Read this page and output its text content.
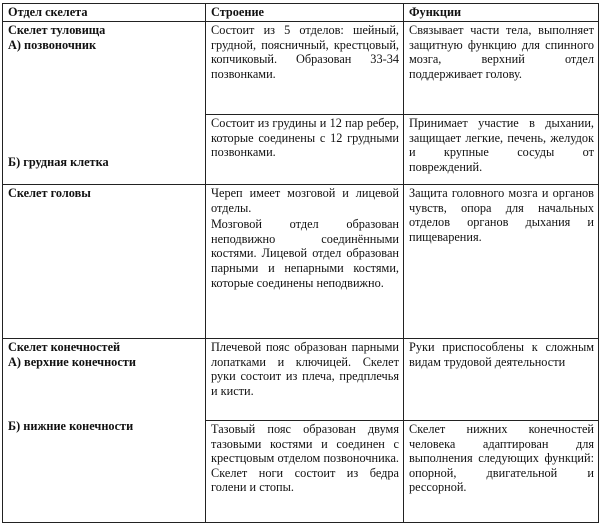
Отдел скелета	Строение	Функции

Скелет туловища
А) позвоночник
Б) грудная клетка	Состоит из 5 отделов: шейный, грудной, поясничный, крестцовый, копчиковый. Образован 33-34 позвонками.	Связывает части тела, выполняет защитную функцию для спинного мозга, верхний отдел поддерживает голову.
	Состоит из грудины и 12 пар ребер, которые соединены с 12 грудными позвонками.	Принимает участие в дыхании, защищает легкие, печень, желудок и крупные сосуды от повреждений.

Скелет головы	Череп имеет мозговой и лицевой отделы.
Мозговой отдел образован неподвижно соединёнными костями. Лицевой отдел образован парными и непарными костями, которые соединены неподвижно.	Защита головного мозга и органов чувств, опора для начальных отделов органов дыхания и пищеварения.

Скелет конечностей
А) верхние конечности
Б) нижние конечности	Плечевой пояс образован парными лопатками и ключицей. Скелет руки состоит из плеча, предплечья и кисти.	Руки приспособлены к сложным видам трудовой деятельности
	Тазовый пояс образован двумя тазовыми костями и соединен с крестцовым отделом позвоночника. Скелет ноги состоит из бедра голени и стопы.	Скелет нижних конечностей человека адаптирован для выполнения следующих функций: опорной, двигательной и рессорной.
